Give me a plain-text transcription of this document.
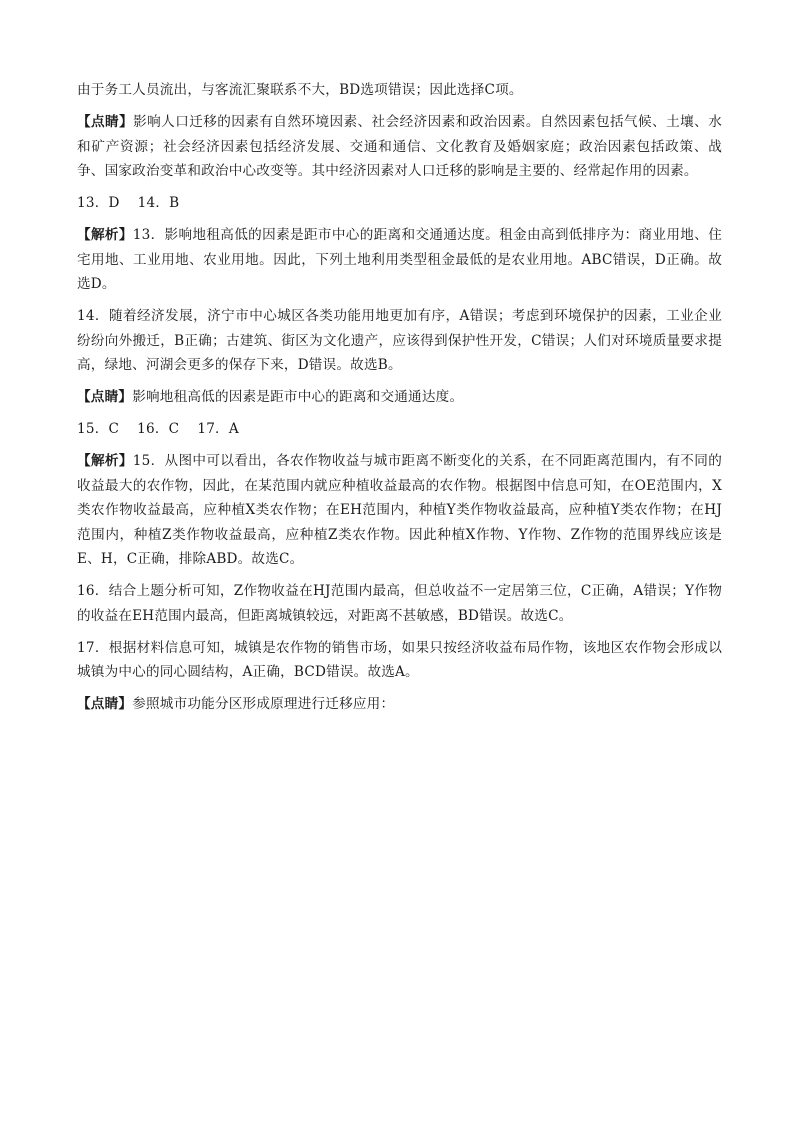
由于务工人员流出，与客流汇聚联系不大，BD选项错误；因此选择C项。

【点睛】影响人口迁移的因素有自然环境因素、社会经济因素和政治因素。自然因素包括气候、土壤、水和矿产资源；社会经济因素包括经济发展、交通和通信、文化教育及婚姻家庭；政治因素包括政策、战争、国家政治变革和政治中心改变等。其中经济因素对人口迁移的影响是主要的、经常起作用的因素。

13．D    14．B

【解析】13．影响地租高低的因素是距市中心的距离和交通通达度。租金由高到低排序为：商业用地、住宅用地、工业用地、农业用地。因此，下列土地利用类型租金最低的是农业用地。ABC错误，D正确。故选D。

14．随着经济发展，济宁市中心城区各类功能用地更加有序，A错误；考虑到环境保护的因素，工业企业纷纷向外搬迁，B正确；古建筑、街区为文化遗产，应该得到保护性开发，C错误；人们对环境质量要求提高，绿地、河湖会更多的保存下来，D错误。故选B。

【点睛】影响地租高低的因素是距市中心的距离和交通通达度。

15．C    16．C    17．A

【解析】15．从图中可以看出，各农作物收益与城市距离不断变化的关系，在不同距离范围内，有不同的收益最大的农作物，因此，在某范围内就应种植收益最高的农作物。根据图中信息可知，在OE范围内，X类农作物收益最高，应种植X类农作物；在EH范围内，种植Y类作物收益最高，应种植Y类农作物；在HJ范围内，种植Z类作物收益最高，应种植Z类农作物。因此种植X作物、Y作物、Z作物的范围界线应该是E、H，C正确，排除ABD。故选C。

16．结合上题分析可知，Z作物收益在HJ范围内最高，但总收益不一定居第三位，C正确，A错误；Y作物的收益在EH范围内最高，但距离城镇较远，对距离不甚敏感，BD错误。故选C。

17．根据材料信息可知，城镇是农作物的销售市场，如果只按经济收益布局作物，该地区农作物会形成以城镇为中心的同心圆结构，A正确，BCD错误。故选A。

【点睛】参照城市功能分区形成原理进行迁移应用：
